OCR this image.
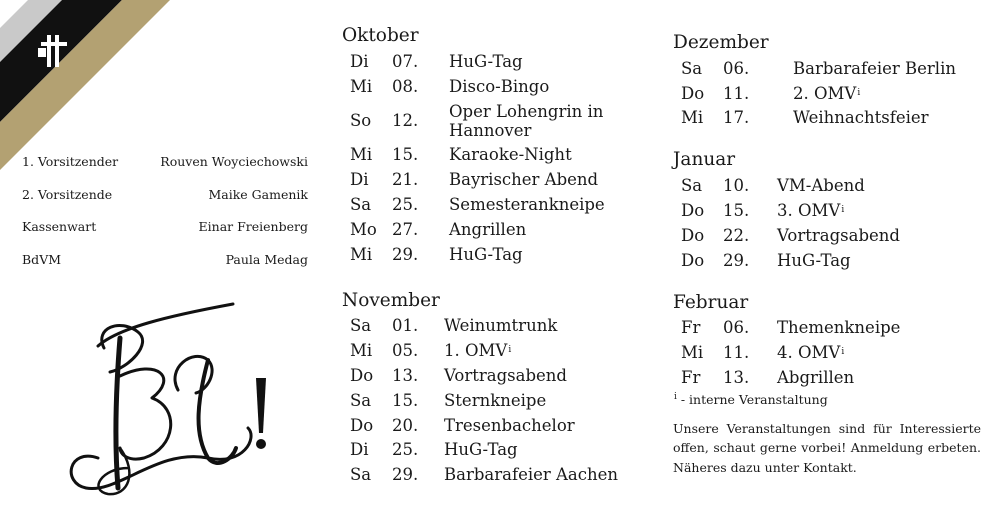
1. Vorsitzender	Rouven Woyciechowski
2. Vorsitzende	Maike Gamenik
Kassenwart	Einar Freienberg
BdVM	Paula Medag
Oktober
Di	07.	HuG-Tag
Mi	08.	Disco-Bingo
So	12.	Oper Lohengrin in Hannover
Mi	15.	Karaoke-Night
Di	21.	Bayrischer Abend
Sa	25.	Semesterankneipe
Mo 27.	Angrillen
Mi	29.	HuG-Tag
November
Sa	01.	Weinumtrunk
Mi	05.	1. OMV$^i$
Do	13.	Vortragsabend
Sa	15.	Sternkneipe
Do	20.	Tresenbachelor
Di	25.	HuG-Tag
Sa	29.	Barbarafeier Aachen
Dezember
Sa	06.	Barbarafeier Berlin
Do	11.	2. OMV$^i$
Mi	17.	Weihnachtsfeier
Januar
Sa	10.	VM-Abend
Do	15.	3. OMV$^i$
Do	22.	Vortragsabend
Do	29.	HuG-Tag
Februar
Fr	06.	Themenkneipe
Mi	11.	4. OMV$^i$
Fr	13.	Abgrillen
$^i$ - interne Veranstaltung
Unsere Veranstaltungen sind für Interessierte offen, schaut gerne vorbei! Anmeldung erbeten. Näheres dazu unter Kontakt.
